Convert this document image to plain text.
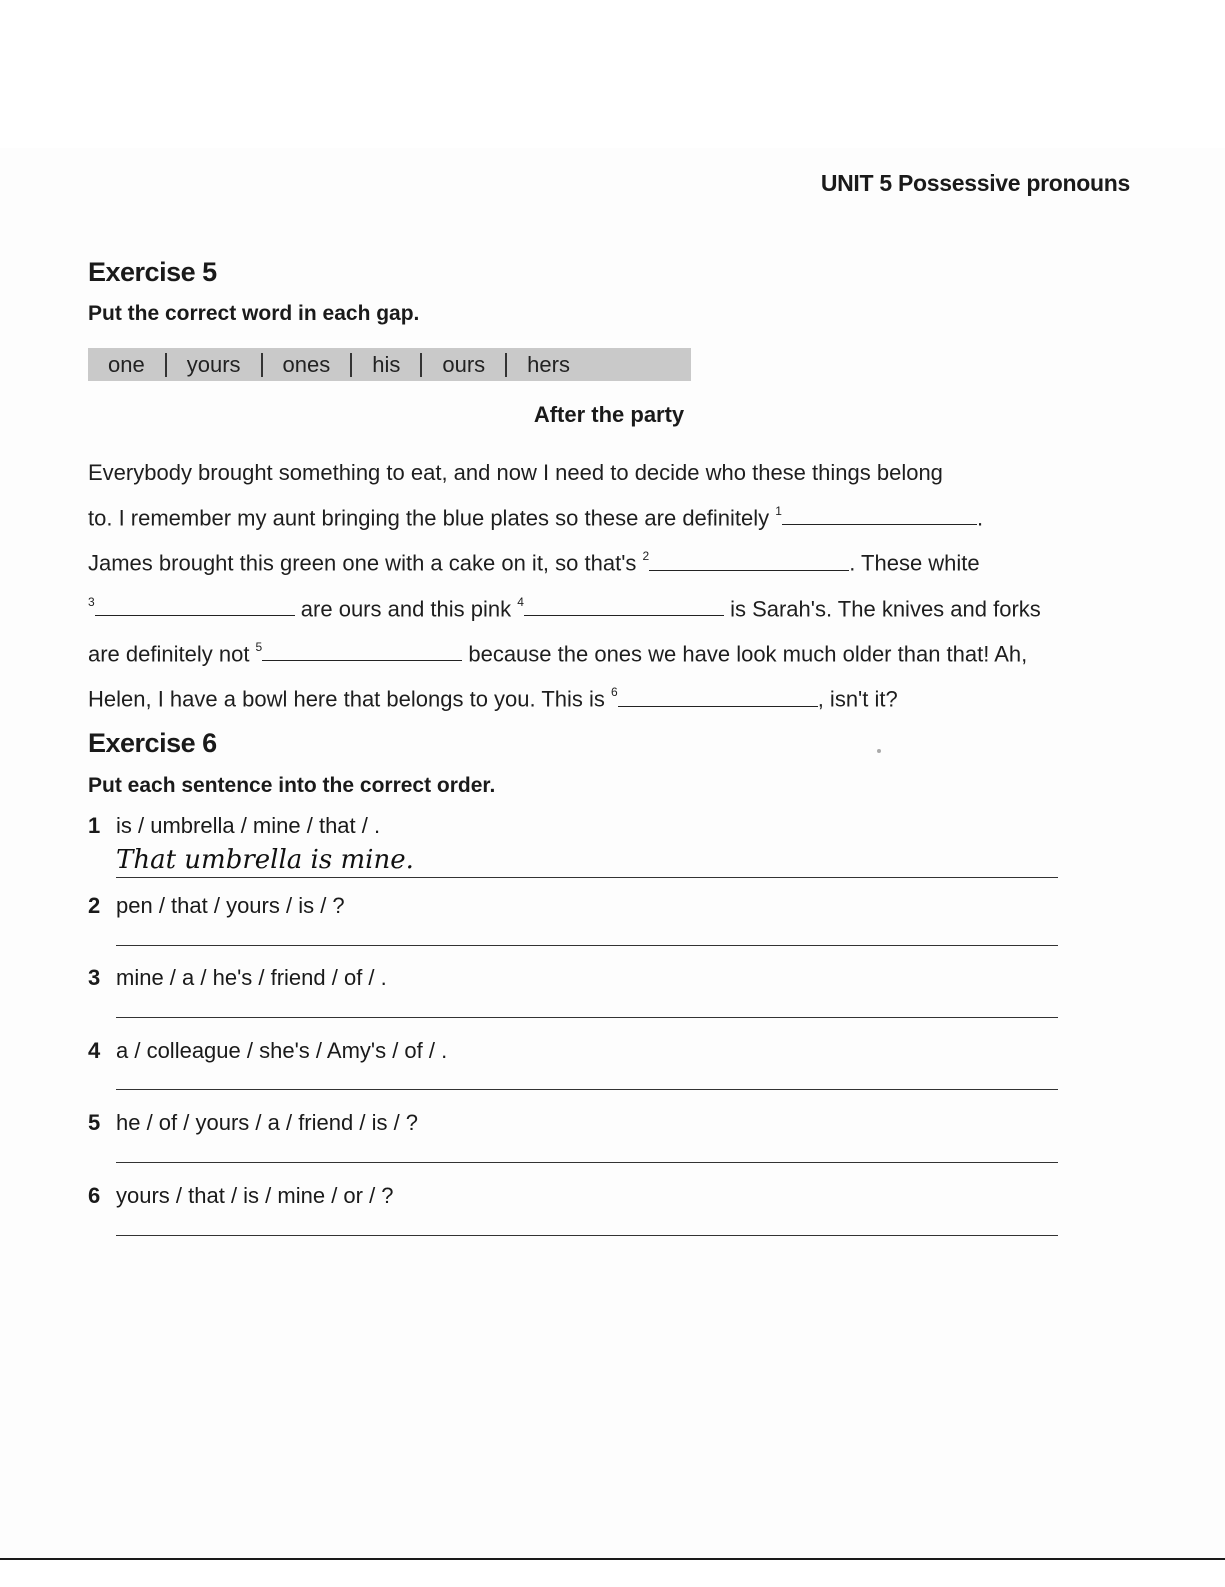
UNIT 5 Possessive pronouns
Exercise 5
Put the correct word in each gap.
one	yours	ones	his	ours	hers
After the party
Everybody brought something to eat, and now I need to decide who these things belong
to. I remember my aunt bringing the blue plates so these are definitely $^1$	.
James brought this green one with a cake on it, so that's $^2$	. These white
$^3$	are ours and this pink $^4$	is Sarah's. The knives and forks
are definitely not $^5$	because the ones we have look much older than that! Ah,
Helen, I have a bowl here that belongs to you. This is $^6$	, isn't it?
Exercise 6
Put each sentence into the correct order.
1 is / umbrella / mine / that / .
That umbrella is mine.
2 pen / that / yours / is / ?
3 mine / a / he's / friend / of / .
4 a / colleague / she's / Amy's / of / .
5 he / of / yours / a / friend / is / ?
6 yours / that / is / mine / or / ?
